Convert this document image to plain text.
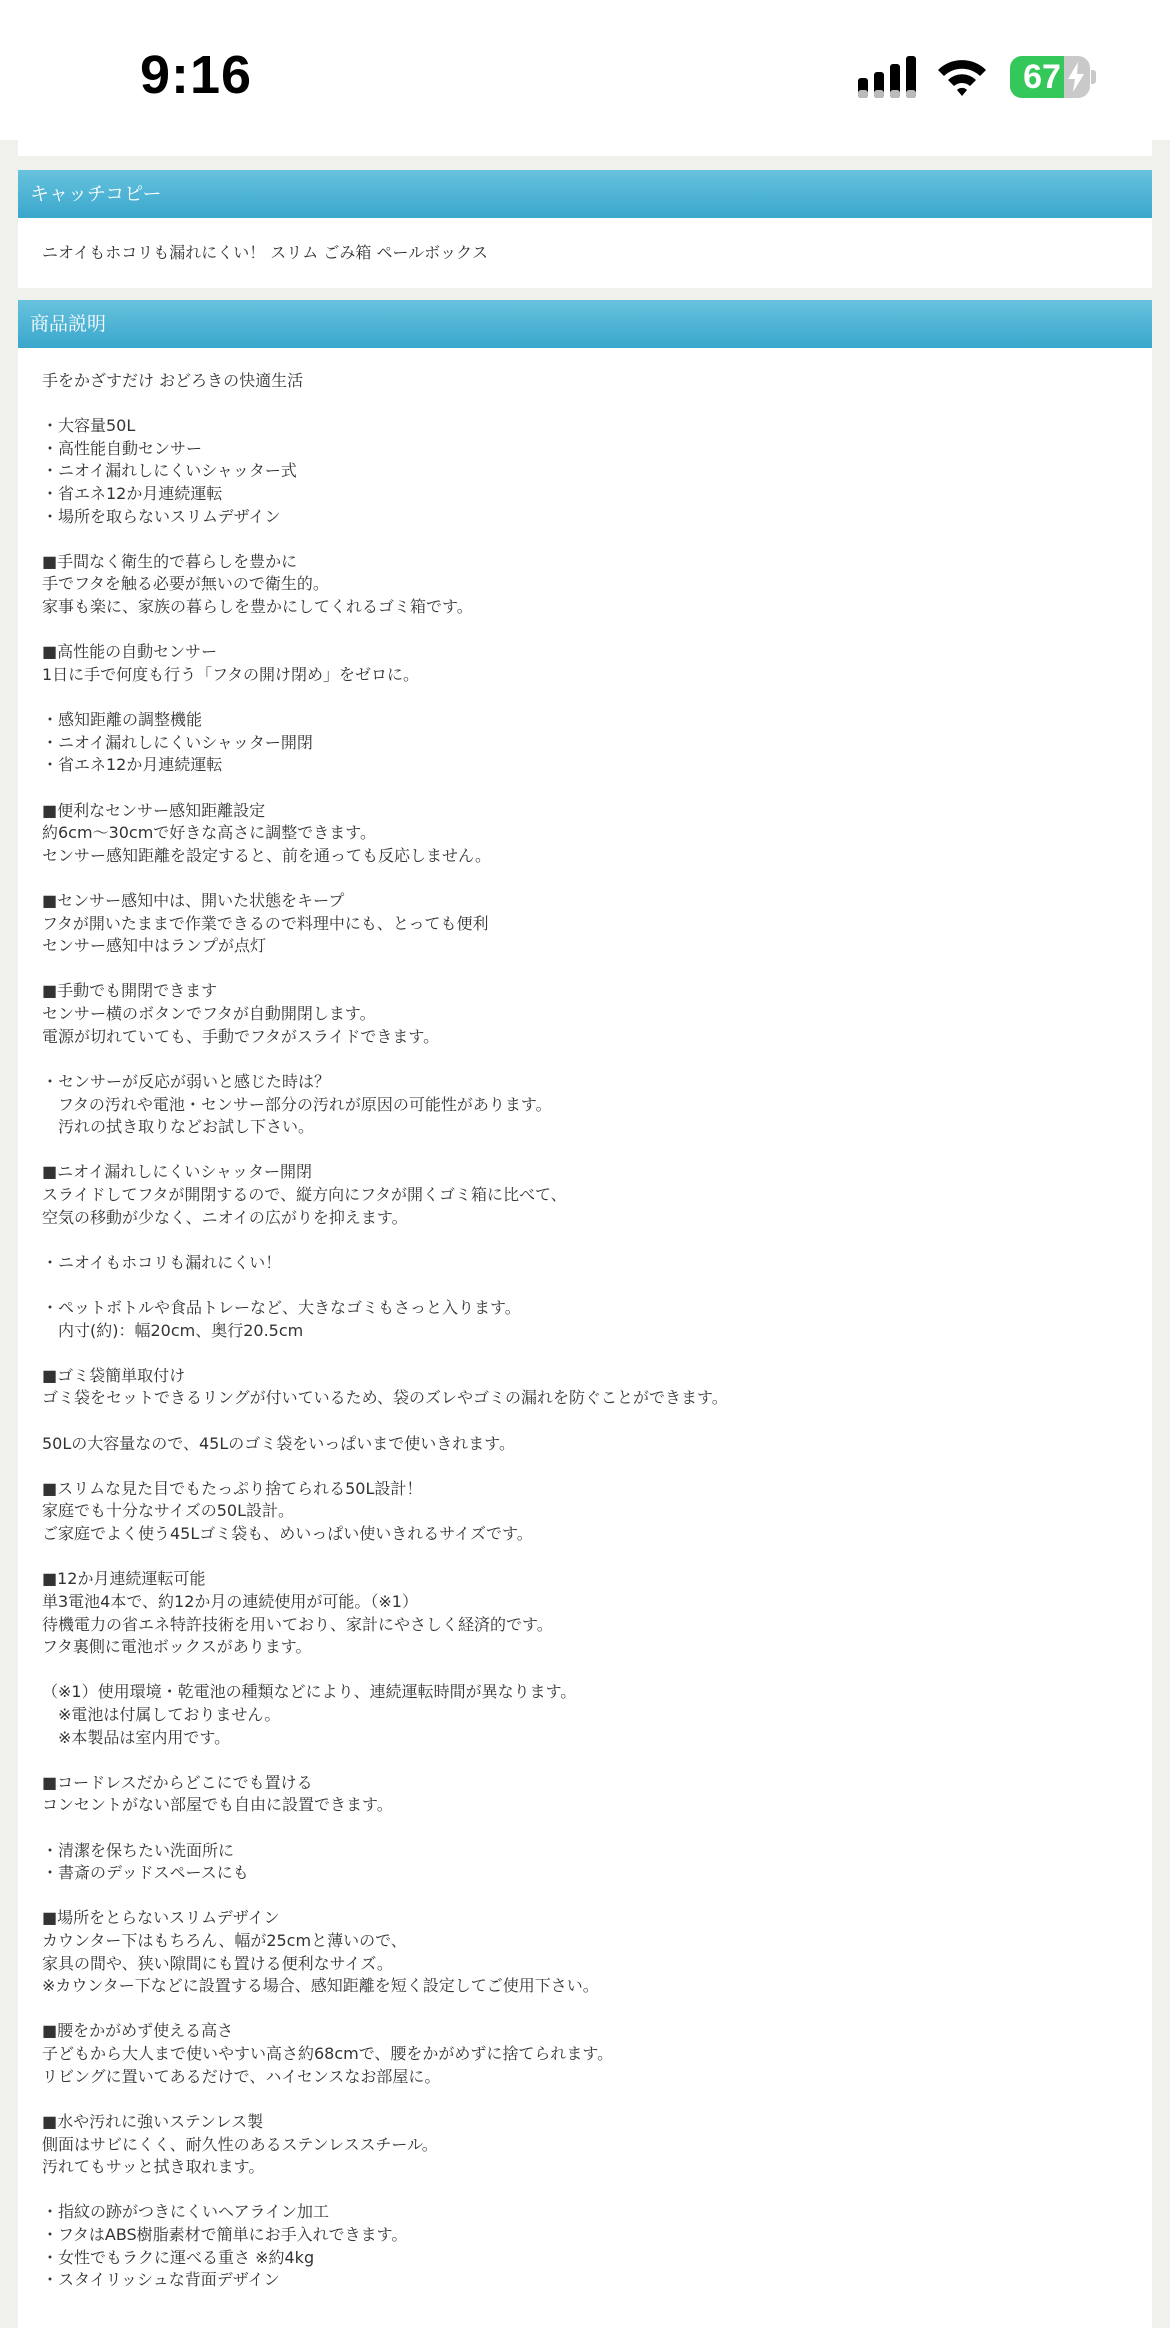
9:16	67
キャッチコピー
ニオイもホコリも漏れにくい！ スリム ごみ箱 ペールボックス
商品説明
手をかざすだけ おどろきの快適生活

・大容量50L
・高性能自動センサー
・ニオイ漏れしにくいシャッター式
・省エネ12か月連続運転
・場所を取らないスリムデザイン

■手間なく衛生的で暮らしを豊かに
手でフタを触る必要が無いので衛生的。
家事も楽に、家族の暮らしを豊かにしてくれるゴミ箱です。

■高性能の自動センサー
1日に手で何度も行う「フタの開け閉め」をゼロに。

・感知距離の調整機能
・ニオイ漏れしにくいシャッター開閉
・省エネ12か月連続運転

■便利なセンサー感知距離設定
約6cm〜30cmで好きな高さに調整できます。
センサー感知距離を設定すると、前を通っても反応しません。

■センサー感知中は、開いた状態をキープ
フタが開いたままで作業できるので料理中にも、とっても便利
センサー感知中はランプが点灯

■手動でも開閉できます
センサー横のボタンでフタが自動開閉します。
電源が切れていても、手動でフタがスライドできます。

・センサーが反応が弱いと感じた時は？
　フタの汚れや電池・センサー部分の汚れが原因の可能性があります。
　汚れの拭き取りなどお試し下さい。

■ニオイ漏れしにくいシャッター開閉
スライドしてフタが開閉するので、縦方向にフタが開くゴミ箱に比べて、
空気の移動が少なく、ニオイの広がりを抑えます。

・ニオイもホコリも漏れにくい！

・ペットボトルや食品トレーなど、大きなゴミもさっと入ります。
　内寸(約)：幅20cm、奥行20.5cm

■ゴミ袋簡単取付け
ゴミ袋をセットできるリングが付いているため、袋のズレやゴミの漏れを防ぐことができます。

50Lの大容量なので、45Lのゴミ袋をいっぱいまで使いきれます。

■スリムな見た目でもたっぷり捨てられる50L設計！
家庭でも十分なサイズの50L設計。
ご家庭でよく使う45Lゴミ袋も、めいっぱい使いきれるサイズです。

■12か月連続運転可能
単3電池4本で、約12か月の連続使用が可能。（※1）
待機電力の省エネ特許技術を用いており、家計にやさしく経済的です。
フタ裏側に電池ボックスがあります。

（※1）使用環境・乾電池の種類などにより、連続運転時間が異なります。
　※電池は付属しておりません。
　※本製品は室内用です。

■コードレスだからどこにでも置ける
コンセントがない部屋でも自由に設置できます。

・清潔を保ちたい洗面所に
・書斎のデッドスペースにも

■場所をとらないスリムデザイン
カウンター下はもちろん、幅が25cmと薄いので、
家具の間や、狭い隙間にも置ける便利なサイズ。
※カウンター下などに設置する場合、感知距離を短く設定してご使用下さい。

■腰をかがめず使える高さ
子どもから大人まで使いやすい高さ約68cmで、腰をかがめずに捨てられます。
リビングに置いてあるだけで、ハイセンスなお部屋に。

■水や汚れに強いステンレス製
側面はサビにくく、耐久性のあるステンレススチール。
汚れてもサッと拭き取れます。

・指紋の跡がつきにくいヘアライン加工
・フタはABS樹脂素材で簡単にお手入れできます。
・女性でもラクに運べる重さ ※約4kg
・スタイリッシュな背面デザイン
